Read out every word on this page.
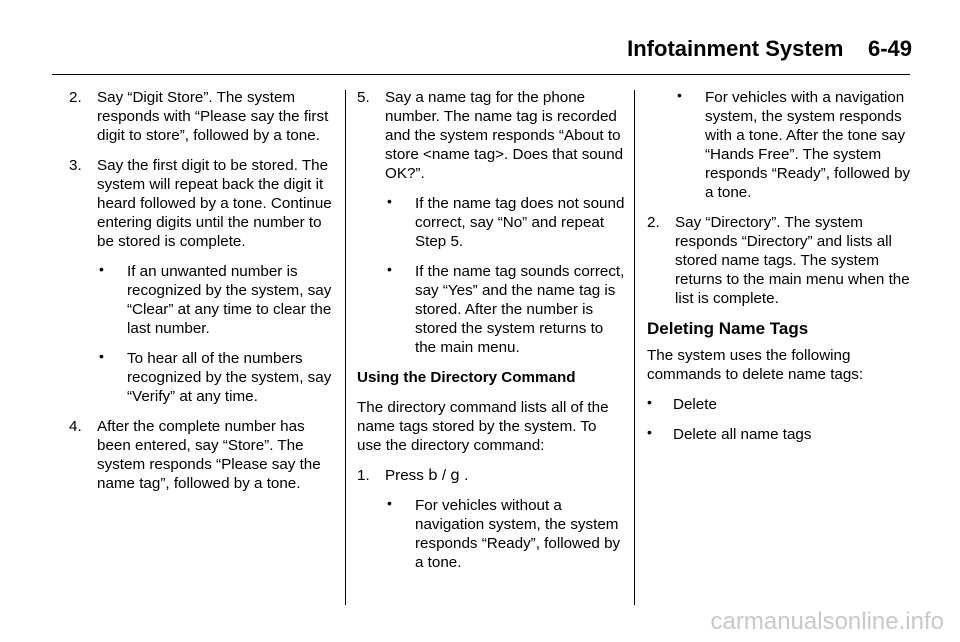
Infotainment System 6-49
2. Say “Digit Store”. The system responds with “Please say the first digit to store”, followed by a tone.
3. Say the first digit to be stored. The system will repeat back the digit it heard followed by a tone. Continue entering digits until the number to be stored is complete.
• If an unwanted number is recognized by the system, say “Clear” at any time to clear the last number.
• To hear all of the numbers recognized by the system, say “Verify” at any time.
4. After the complete number has been entered, say “Store”. The system responds “Please say the name tag”, followed by a tone.
5. Say a name tag for the phone number. The name tag is recorded and the system responds “About to store <name tag>. Does that sound OK?”.
• If the name tag does not sound correct, say “No” and repeat Step 5.
• If the name tag sounds correct, say “Yes” and the name tag is stored. After the number is stored the system returns to the main menu.
Using the Directory Command
The directory command lists all of the name tags stored by the system. To use the directory command:
1. Press b / g .
• For vehicles without a navigation system, the system responds “Ready”, followed by a tone.
• For vehicles with a navigation system, the system responds with a tone. After the tone say “Hands Free”. The system responds “Ready”, followed by a tone.
2. Say “Directory”. The system responds “Directory” and lists all stored name tags. The system returns to the main menu when the list is complete.
Deleting Name Tags
The system uses the following commands to delete name tags:
• Delete
• Delete all name tags
carmanualsonline.info
